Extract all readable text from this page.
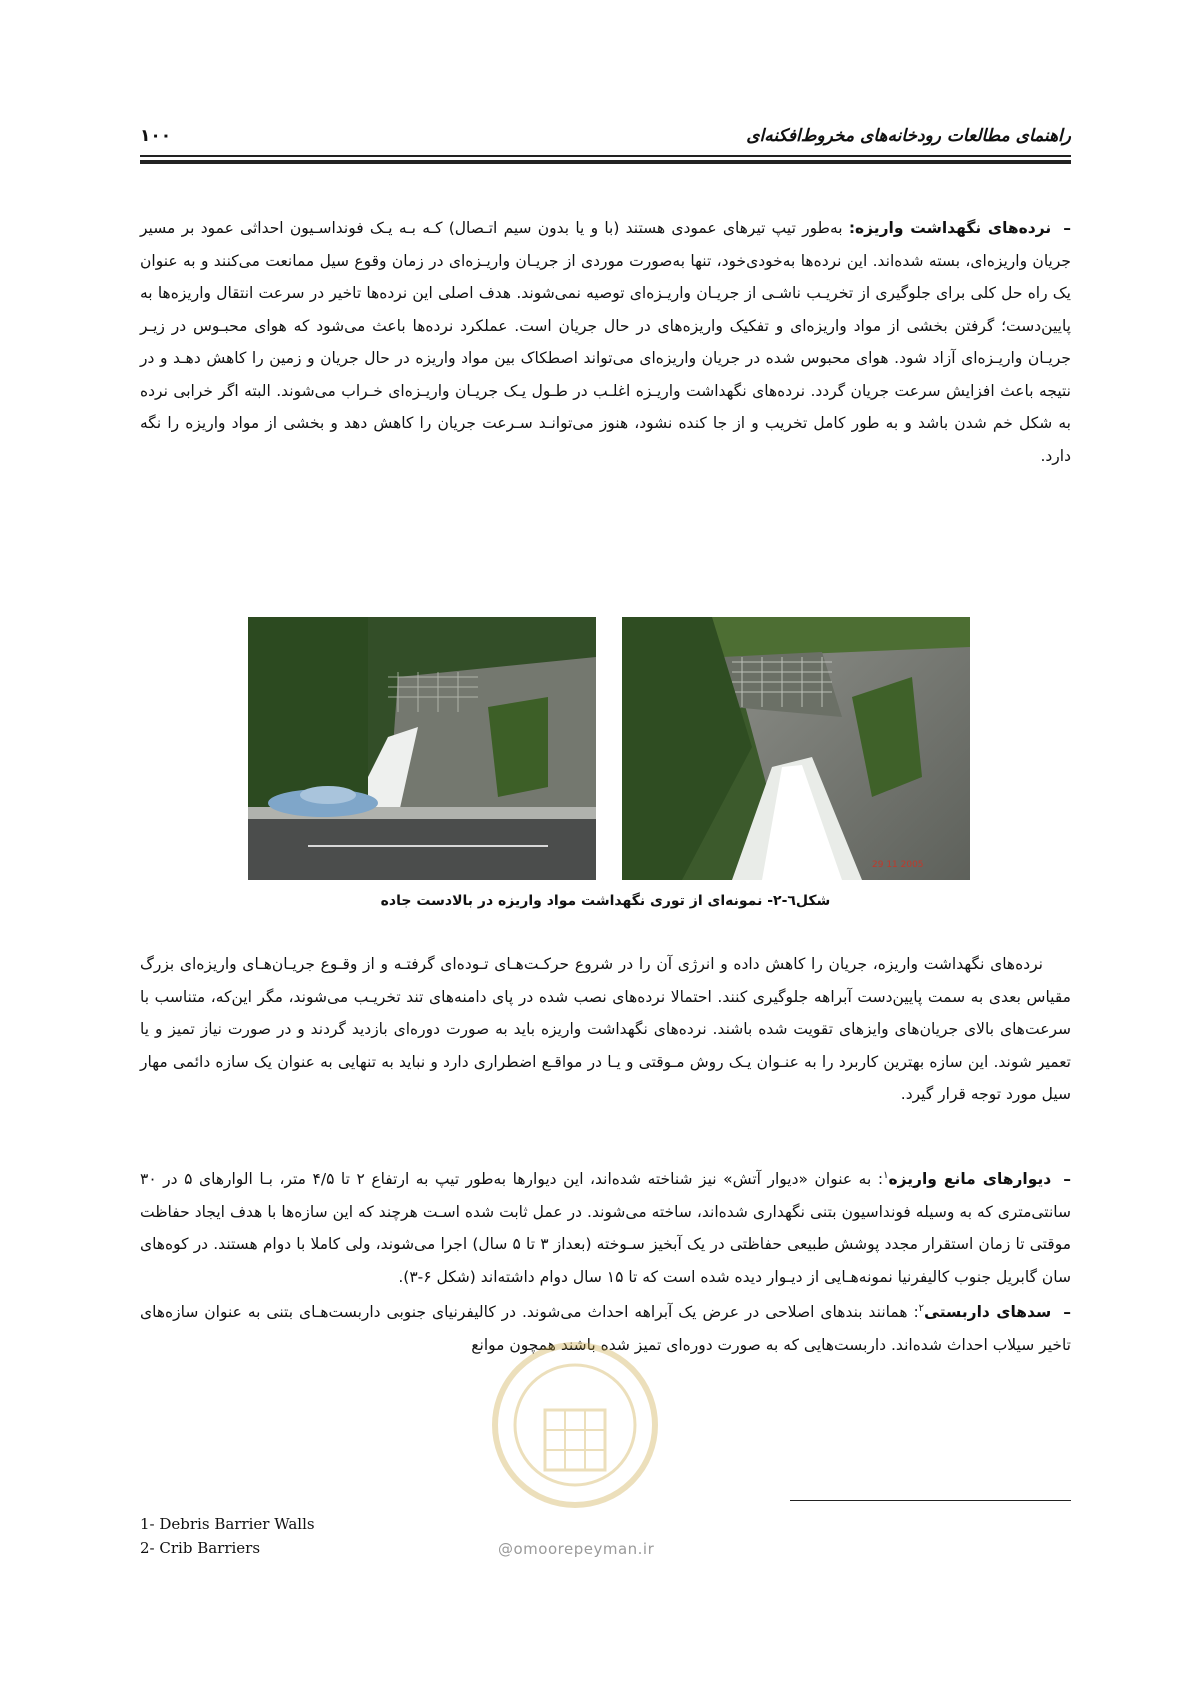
راهنمای مطالعات رودخانه‌های مخروط‌افکنه‌ای
۱۰۰

–نرده‌های نگهداشت واریزه: به‌طور تیپ تیرهای عمودی هستند (با و یا بدون سیم اتـصال) کـه بـه یـک فونداسـیون احداثی عمود بر مسیر جریان واریزه‌ای، بسته شده‌اند. این نرده‌ها به‌خودی‌خود، تنها به‌صورت موردی از جریـان واریـزه‌ای در زمان وقوع سیل ممانعت می‌کنند و به عنوان یک راه حل کلی برای جلوگیری از تخریـب ناشـی از جریـان واریـزه‌ای توصیه نمی‌شوند. هدف اصلی این نرده‌ها تاخیر در سرعت انتقال واریزه‌ها به پایین‌دست؛ گرفتن بخشی از مواد واریزه‌ای و تفکیک واریزه‌های در حال جریان است. عملکرد نرده‌ها باعث می‌شود که هوای محبـوس در زیـر جریـان واریـزه‌ای آزاد شود. هوای محبوس شده در جریان واریزه‌ای می‌تواند اصطکاک بین مواد واریزه در حال جریان و زمین را کاهش دهـد و در نتیجه باعث افزایش سرعت جریان گردد. نرده‌های نگهداشت واریـزه اغلـب در طـول یـک جریـان واریـزه‌ای خـراب می‌شوند. البته اگر خرابی نرده به شکل خم شدن باشد و به طور کامل تخریب و از جا کنده نشود، هنوز می‌توانـد سـرعت جریان را کاهش دهد و بخشی از مواد واریزه را نگه دارد.

29 11 2005
شکل٦-۲- نمونه‌ای از توری نگهداشت مواد واریزه در بالادست جاده

نرده‌های نگهداشت واریزه، جریان را کاهش داده و انرژی آن را در شروع حرکـت‌هـای تـوده‌ای گرفتـه و از وقـوع جریـان‌هـای واریزه‌ای بزرگ مقیاس بعدی به سمت پایین‌دست آبراهه جلوگیری کنند. احتمالا نرده‌های نصب شده در پای دامنه‌های تند تخریـب می‌شوند، مگر این‌که، متناسب با سرعت‌های بالای جریان‌های وایزهای تقویت شده باشند. نرده‌های نگهداشت واریزه باید به صورت دوره‌ای بازدید گردند و در صورت نیاز تمیز و یا تعمیر شوند. این سازه بهترین کاربرد را به عنـوان یـک روش مـوقتی و یـا در مواقـع اضطراری دارد و نباید به تنهایی به عنوان یک سازه دائمی مهار سیل مورد توجه قرار گیرد.

–دیوارهای مانع واریزه$^۱$: به عنوان «دیوار آتش» نیز شناخته شده‌اند، این دیوارها به‌طور تیپ به ارتفاع ۲ تا ۴/۵ متر، بـا الوارهای ۵ در ۳۰ سانتی‌متری که به وسیله فونداسیون بتنی نگهداری شده‌اند، ساخته می‌شوند. در عمل ثابت شده اسـت هرچند که این سازه‌ها با هدف ایجاد حفاظت موقتی تا زمان استقرار مجدد پوشش طبیعی حفاظتی در یک آبخیز سـوخته (بعداز ۳ تا ۵ سال) اجرا می‌شوند، ولی کاملا با دوام هستند. در کوه‌های سان گابریل جنوب کالیفرنیا نمونه‌هـایی از دیـوار دیده شده است که تا ۱۵ سال دوام داشته‌اند (شکل ۶-۳).

–سدهای داربستی$^۲$: همانند بندهای اصلاحی در عرض یک آبراهه احداث می‌شوند. در کالیفرنیای جنوبی داربست‌هـای بتنی به عنوان سازه‌های تاخیر سیلاب احداث شده‌اند. داربست‌هایی که به صورت دوره‌ای تمیز شده باشند همچون موانع

1- Debris Barrier Walls
2- Crib Barriers	@omoorepeyman.ir
